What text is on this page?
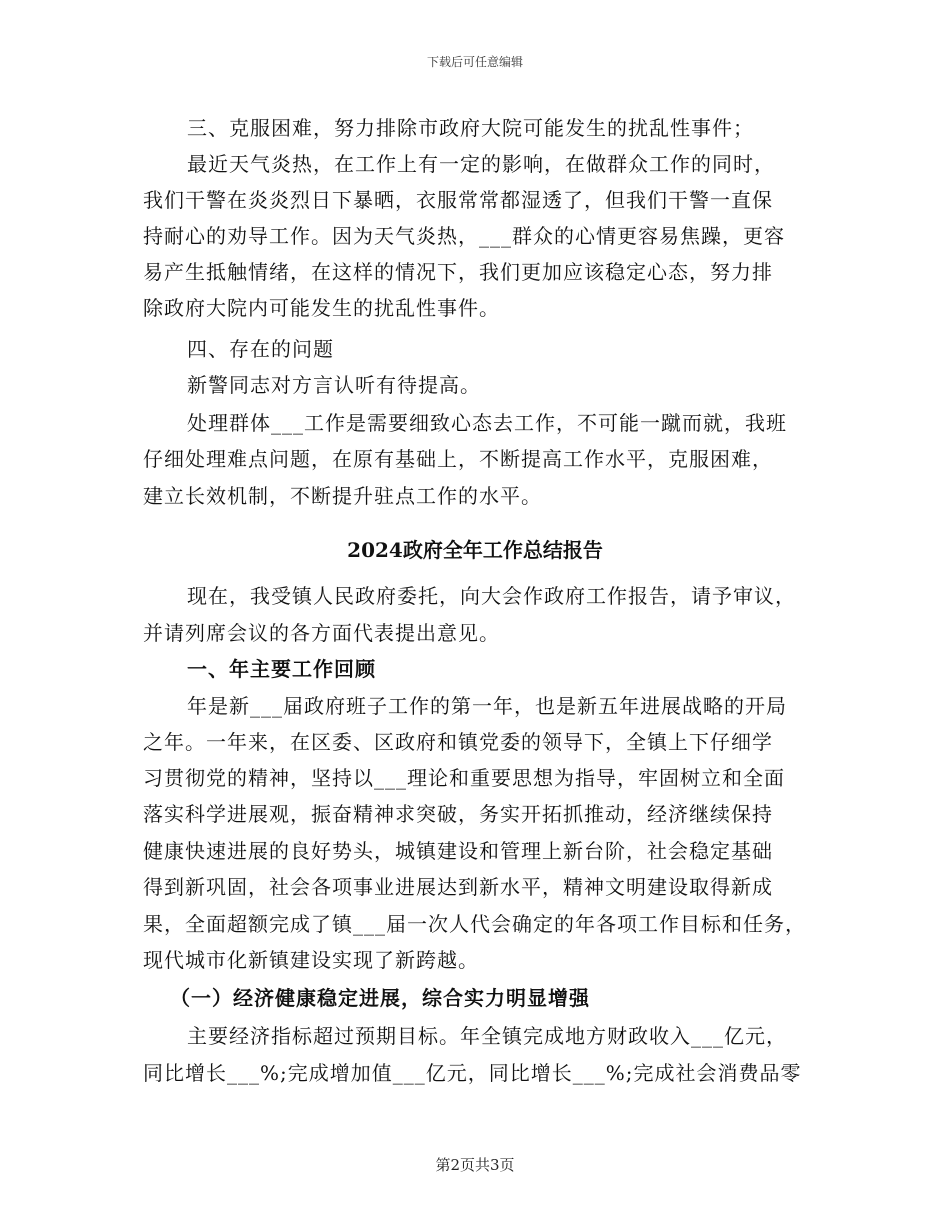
下载后可任意编辑
三、克服困难，努力排除市政府大院可能发生的扰乱性事件；
最近天气炎热，在工作上有一定的影响，在做群众工作的同时，
我们干警在炎炎烈日下暴晒，衣服常常都湿透了，但我们干警一直保
持耐心的劝导工作。因为天气炎热，___群众的心情更容易焦躁，更容
易产生抵触情绪，在这样的情况下，我们更加应该稳定心态，努力排
除政府大院内可能发生的扰乱性事件。
四、存在的问题
新警同志对方言认听有待提高。
处理群体___工作是需要细致心态去工作，不可能一蹴而就，我班
仔细处理难点问题，在原有基础上，不断提高工作水平，克服困难，
建立长效机制，不断提升驻点工作的水平。
2024政府全年工作总结报告
现在，我受镇人民政府委托，向大会作政府工作报告，请予审议，
并请列席会议的各方面代表提出意见。
一、年主要工作回顾
年是新___届政府班子工作的第一年，也是新五年进展战略的开局
之年。一年来，在区委、区政府和镇党委的领导下，全镇上下仔细学
习贯彻党的精神，坚持以___理论和重要思想为指导，牢固树立和全面
落实科学进展观，振奋精神求突破，务实开拓抓推动，经济继续保持
健康快速进展的良好势头，城镇建设和管理上新台阶，社会稳定基础
得到新巩固，社会各项事业进展达到新水平，精神文明建设取得新成
果，全面超额完成了镇___届一次人代会确定的年各项工作目标和任务，
现代城市化新镇建设实现了新跨越。
（一）经济健康稳定进展，综合实力明显增强
主要经济指标超过预期目标。年全镇完成地方财政收入___亿元，
同比增长___%;完成增加值___亿元，同比增长___%;完成社会消费品零
第2页共3页
